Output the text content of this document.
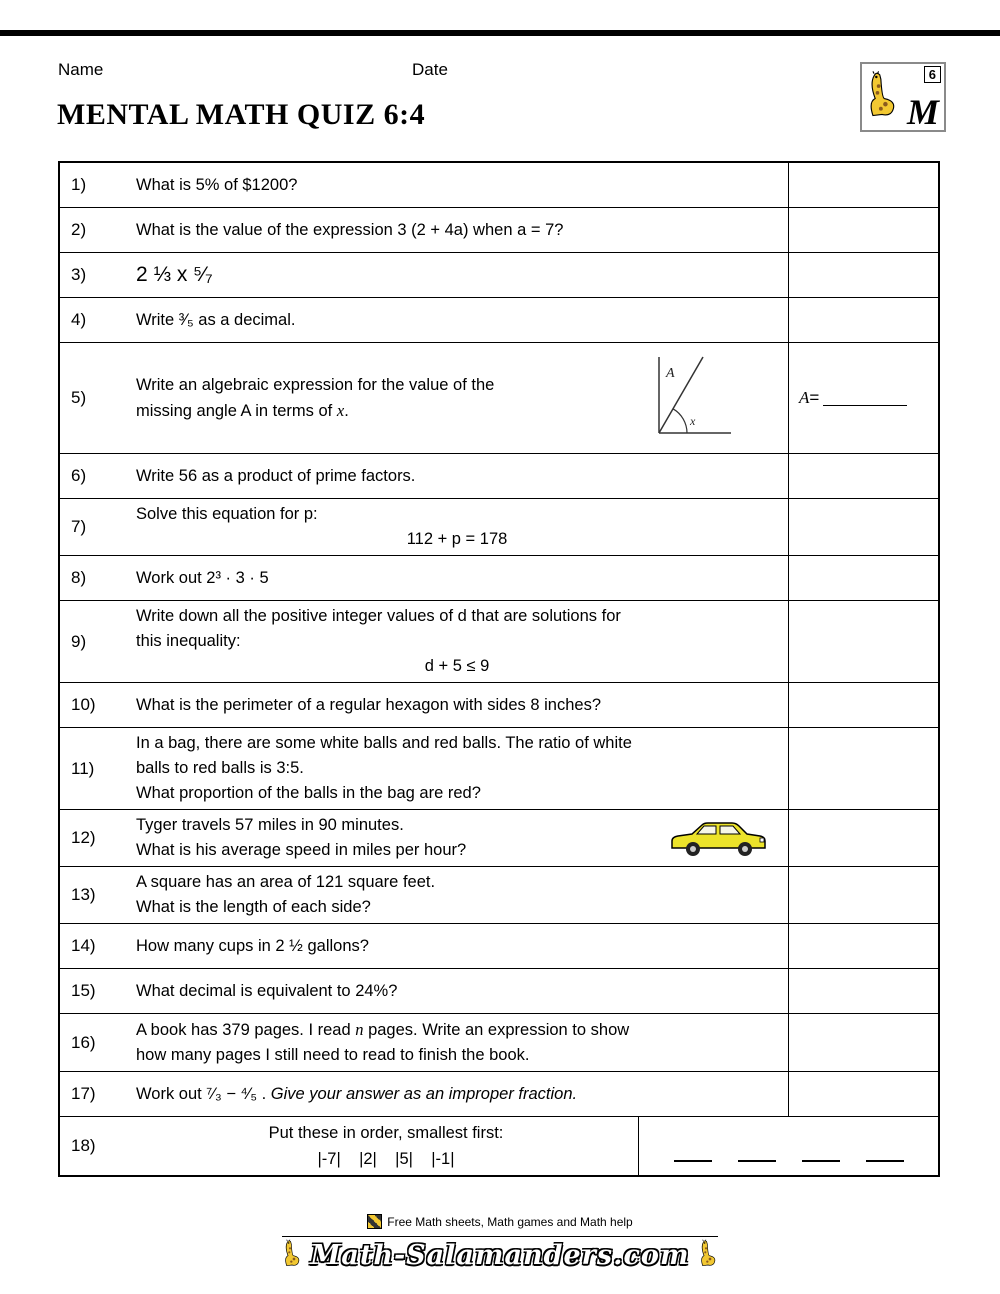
Name	Date	6
M
MENTAL MATH QUIZ 6:4
1)	What is 5% of $1200?
2)	What is the value of the expression 3 (2 + 4a) when a = 7?
3)	2 ⅓ x ⁵⁄₇
4)	Write ³⁄₅ as a decimal.
5)
Write an algebraic expression for the value of the
missing angle A in terms of x.
A
x
A =
6)	Write 56 as a product of prime factors.
7)
Solve this equation for p:
112 + p = 178
8)	Work out 2³ · 3 · 5
9)
Write down all the positive integer values of d that are solutions for
this inequality:
d + 5 ≤ 9
10)	What is the perimeter of a regular hexagon with sides 8 inches?
11)
In a bag, there are some white balls and red balls. The ratio of white
balls to red balls is 3:5.
What proportion of the balls in the bag are red?
12)
Tyger travels 57 miles in 90 minutes.
What is his average speed in miles per hour?
13)
A square has an area of 121 square feet.
What is the length of each side?
14)	How many cups in 2 ½ gallons?
15)	What decimal is equivalent to 24%?
16)
A book has 379 pages. I read n pages. Write an expression to show
how many pages I still need to read to finish the book.
17)	Work out ⁷⁄₃ − ⁴⁄₅ . Give your answer as an improper fraction.
18)
Put these in order, smallest first:
|-7|    |2|    |5|    |-1|
Free Math sheets, Math games and Math help

Math-Salamanders.com
